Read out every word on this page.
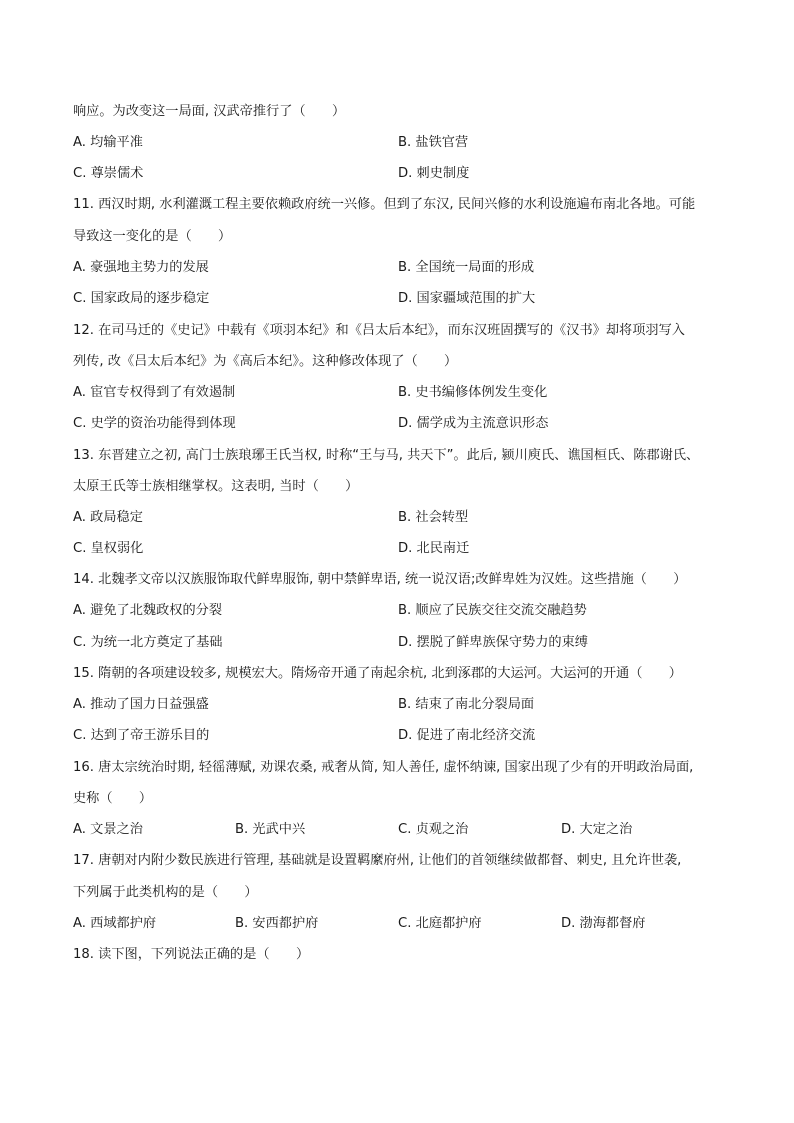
响应。为改变这一局面, 汉武帝推行了（　　）
A. 均输平准	B. 盐铁官营
C. 尊崇儒术	D. 刺史制度
11. 西汉时期, 水利灌溉工程主要依赖政府统一兴修。但到了东汉, 民间兴修的水利设施遍布南北各地。可能
导致这一变化的是（　　）
A. 豪强地主势力的发展	B. 全国统一局面的形成
C. 国家政局的逐步稳定	D. 国家疆域范围的扩大
12. 在司马迁的《史记》中载有《项羽本纪》和《吕太后本纪》，而东汉班固撰写的《汉书》却将项羽写入
列传, 改《吕太后本纪》为《高后本纪》。这种修改体现了（　　）
A. 宦官专权得到了有效遏制	B. 史书编修体例发生变化
C. 史学的资治功能得到体现	D. 儒学成为主流意识形态
13. 东晋建立之初, 高门士族琅琊王氏当权, 时称“王与马, 共天下”。此后, 颍川庾氏、谯国桓氏、陈郡谢氏、
太原王氏等士族相继掌权。这表明, 当时（　　）
A. 政局稳定	B. 社会转型
C. 皇权弱化	D. 北民南迁
14. 北魏孝文帝以汉族服饰取代鲜卑服饰, 朝中禁鲜卑语, 统一说汉语;改鲜卑姓为汉姓。这些措施（　　）
A. 避免了北魏政权的分裂	B. 顺应了民族交往交流交融趋势
C. 为统一北方奠定了基础	D. 摆脱了鲜卑族保守势力的束缚
15. 隋朝的各项建设较多, 规模宏大。隋炀帝开通了南起余杭, 北到涿郡的大运河。大运河的开通（　　）
A. 推动了国力日益强盛	B. 结束了南北分裂局面
C. 达到了帝王游乐目的	D. 促进了南北经济交流
16. 唐太宗统治时期, 轻徭薄赋, 劝课农桑, 戒奢从简, 知人善任, 虚怀纳谏, 国家出现了少有的开明政治局面,
史称（　　）
A. 文景之治	B. 光武中兴	C. 贞观之治	D. 大定之治
17. 唐朝对内附少数民族进行管理, 基础就是设置羁縻府州, 让他们的首领继续做都督、刺史, 且允许世袭,
下列属于此类机构的是（　　）
A. 西域都护府	B. 安西都护府	C. 北庭都护府	D. 渤海都督府
18. 读下图，下列说法正确的是（　　）
